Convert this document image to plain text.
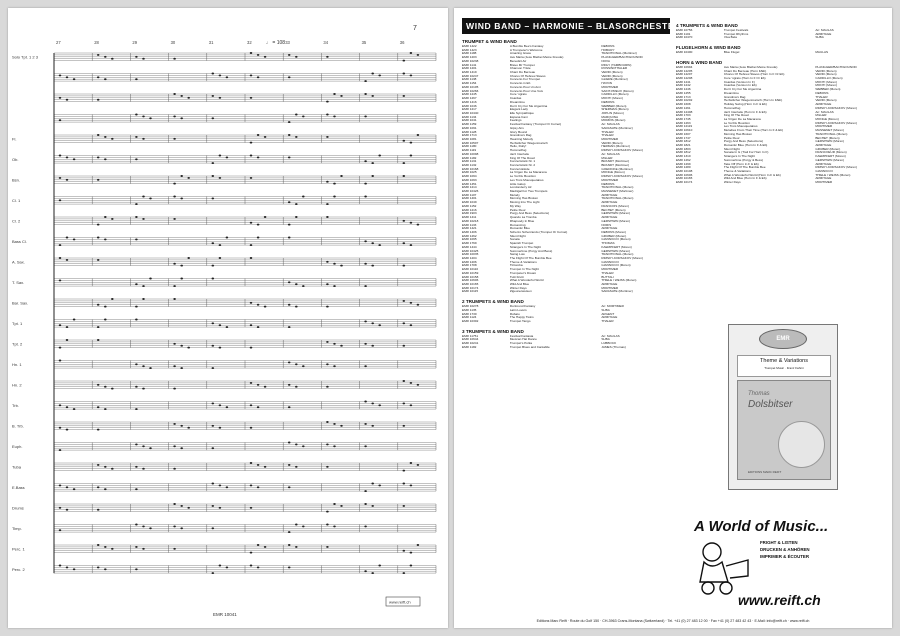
7
♩ = 108
27	28	29	30	31	32	33	34	35	36
Solo Tpt. 1 2 3
Fl.
Ob.
Bsn.
Cl. 1
Cl. 2
Bass Cl.
A. Sax.
T. Sax.
Bar. Sax.
Tpt. 1
Tpt. 2
Hn. 1
Hn. 2
Trb.
B. Trb.
Euph.
Tuba
E.Bass
Drums
Timp.
Perc. 1
Perc. 2
www.reift.ch
EMR 10041
WIND BAND – HARMONIE – BLASORCHESTER
TRUMPET & WIND BAND
EMR 1422	A Bumble Bee's Fantasy	DEBONS
EMR 1423	A Trumpeter's Welcome	HOBURY
EMR 1188	Amazing Grace	TRADITIONAL (Mortimer)
EMR 1203	Ave Maria (Jesu Bleibet Meine Freude)	PLANGGER/BACH/GOUNOD
EMR 10238	Benedict Air	NOVA
EMR 1141	Bravo Mr Trumpet	RIDLY (TAMBOURIN)
EMR 1201	Chanson Triste	ROSSINI/THALER
EMR 1419	Chant Du Berceau	VERDI (Moren)
EMR 10247	Chorus Of Hebrew Slaves	VERDI (Moren)
EMR 1138	Concerto For Trumpet	GLIERE (Mortimer)
EMR 1154	Concerto in Eb	HAYDN
EMR 10105	Concerto Pour Un Ami	MORTIMER
EMR 10266	Concerto Pour Une Voix	SAINT-PREUX (Moren)
EMR 1245	Core 'ngrato	CARDILLO (Moren)
EMR 1267	Csardas	MONTI (Moren)
EMR 1416	Dreamtime	DEBONS
EMR 1046	Don't Cry For Me Argentina	WEBBER (Moren)
EMR 1217	Elegant Lady	SHERMAN (Moren)
EMR 10440	Elle Sympathique	JOPLIN (Moren)
EMR 1134	Espana Cani	MARQUINA
EMR 1041	Feelings	MORRIS (Moren)
EMR 1159	Festival Fantasy (Trumpet Or Cornet)	Arr. MAULAS
EMR 1091	Gipsy Airs	SARASATE (Mortimer)
EMR 1128	Glory Bound	THALER
EMR 1713	Grandma's Rag	THALER
EMR 1081	Haunting Melody	MORTIMER
EMR 10507	Herbstlicher Wiegenmarsch	VERDI (Moren)
EMR 1180	Hello, Dolly!	HERMAN (Mortimer)
EMR 1119	Hummelflug	RIMSKY-KORSAKOV (Moren)
EMR 10098	Jazz Interlude	Arr. MAULAS
EMR 1182	King Of The Road	MILLER
EMR 1131	Konzertstück Nr. 1	BRANDT (Mortimer)
EMR 1132	Konzertstück Nr. 2	BRANDT (Mortimer)
EMR 10168	Konzert-Etüde	GOEDICKE (Mortimer)
EMR 1025	La Virgen De La Macarena	MONGE (Moren)
EMR 1094	Le Vol Du Bourdon	RIMSKY-KORSAKOV (Moren)
EMR 1093	Les Trois Mousquetaires	MORTIMER
EMR 1451	Little Galop	DEBONS
EMR 1214	Londonderry Air	TRADITIONAL (Moren)
EMR 10426	Madrigal For Two Trumpets	MASSENET (Mortimer)
EMR 1107	Melody	ARMITAGE
EMR 1401	Morning Has Broken	TRADITIONAL (Moren)
EMR 1049	Moving Into The Light	ARMITAGE
EMR 1152	My Way	FRANCOIS (Moren)
EMR 1216	Petite Fleur	BECHET (Moren)
EMR 1903	Porgy And Bess (Selections)	GERSHWIN (Moren)
EMR 1411	Quando La Tromba	ARMITAGE
EMR 10218	Rhapsody In Blue	GERSHWIN (Moren)
EMR 1133	Romancing	NORIS
EMR 1421	Romantic Blue	ARMITAGE
EMR 1406	Scherzo Scherzando (Trumpet Or Cornet)	DEBONS (Moren)
EMR 1262	Silent Night	GRUBER (Moren)
EMR 1095	Sonata	GIANNICCO (Moren)
EMR 1769	Spanish Trumpet	THOMAS
EMR 1444	Strangers In The Night	KAEMPFERT (Moren)
EMR 10425	Summertime (Porgy And Bess)	GERSHWIN (Moren)
EMR 10035	Swing Low	TRADITIONAL (Moren)
EMR 1204	The Flight Of The Bumble Bee	RIMSKY-KORSAKOV (Moren)
EMR 1206	Theme & Variations	GIANNICCO
EMR 1708	Tiritomba	GIANNICCO (Moren)
EMR 10110	Trumpet In The Night	MORTIMER
EMR 10159	Trumpeter's Dream	THALER
EMR 10158	Tutti Frutti	BUTTALI
EMR 10606	What A Wonderful World	THIELE / WEISS (Moren)
EMR 10165	Wild And Blue	ARMITAGE
EMR 10174	Winter Days	MORTIMER
EMR 10115	Zigeunerweisen	SARASATE (Mortimer)
2 TRUMPETS & WIND BAND
EMR 10278	Dortmund Fantasy	Arr. MORTIMER
EMR 1135	Latin Lovers	SUBA
EMR 1730	Rubato	ARGENT
EMR 1124	The Happy Twins	ARMITAGE
EMR 10302	Trumpet Tango	THALER
3 TRUMPETS & WIND BAND
EMR 11751	Festival Fantasia	Arr. MAULAS
EMR 10644	Mexican Hat Dance	SUBA
EMR 10241	Trumpet's Polka	LUBBOCK
EMR 1182	Trumpet Blues and Cantabile	JAMES (Thomas)
4 TRUMPETS & WIND BAND
EMR 10756	Trumpet Festivals	Arr. MAULAS
EMR 1101	Trumpet Rhythms	ARMITAGE
EMR 10470	Viva Bela	SUBA
FLUGELHORN & WIND BAND
EMR 10400	Blue Flugel	MAULAS
HORN & WIND BAND
EMR 10994	Ave Maria (Jesu Bleibet Meine Freude)	PLANGGER/BACH/GOUNOD
EMR 12205	Chant Du Berceau (Horn F/Eb)	VERDI (Moren)
EMR 12207	Chorus Of Hebrew Slaves (Horn In F Or Eb)	VERDI (Moren)
EMR 12208	Core 'ngrato (Horn In F Or Eb)	CARDILLO (Moren)
EMR 1241	Csardas (Version In F)	MONTI (Moren)
EMR 1242	Csardas (Version In Eb)	MONTI (Moren)
EMR 1246	Don't Cry For Me Argentina	WEBBER (Moren)
EMR 1255	Dreamtime	DEBONS
EMR 1713	Grandma's Rag	THALER
EMR 10202	Herbstlicher Wiegenmarsch (Horn In F/Eb)	VERDI (Moren)
EMR 1608	Holiday Swing (Horn In F & Eb)	ARMITAGE
EMR 1261	Hummelflug	RIMSKY-KORSAKOV (Moren)
EMR 12408	Jazz Interlude (Horn In F & Eb)	Arr. MAULAS
EMR 1703	King Of The Road	MILLER
EMR 1745	La Virgen De La Macarena	MONGE (Moren)
EMR 1263	Le Vol Du Bourdon	RIMSKY-KORSAKOV (Moren)
EMR 12119	Les Trois Mousquetaires	MORTIMER
EMR 10610	Melodies From Their Time (Horn In F & Eb)	MASSENET (Moren)
EMR 1607	Morning Has Broken	TRADITIONAL (Moren)
EMR 1747	Petite Fleur	BECHET (Moren)
EMR 1812	Porgy And Bess (Selections)	GERSHWIN (Moren)
EMR 1821	Romantic Blue (Horn In F & Eb)	ARMITAGE
EMR 1803	Silent Night	GRUBER (Moren)
EMR 1812	Sonata In G (Trail For Horn In F)	FRANCOEUR (Moren)
EMR 1310	Strangers In The Night	KAEMPFERT (Moren)
EMR 1262	Summertime (Porgy & Bess)	GERSHWIN (Moren)
EMR 1299	Take Off (Horn In F & Eb)	ARMITAGE
EMR 1280	The Flight Of The Bumble Bee	RIMSKY-KORSAKOV (Moren)
EMR 10108	Theme & Variations	GIANNICCO
EMR 10606	What A Wonderful World (Horn In F & Eb)	THIELE / WEISS (Moren)
EMR 10165	Wild And Blue (Horn In F & Eb)	ARMITAGE
EMR 10174	Winter Days	MORTIMER
EMR
Theme & Variations
Trumpet Music · Franz Fahrni
Thomas
Dolsbitser
EDITIONS MARC REIFT
A World of Music...
FRIGHT & LISTEN
DRUCKEN & ANHÖREN
IMPRIMER & ÉCOUTER
www.reift.ch
Editions Marc Reift · Route du Golf 150 · CH-3963 Crans-Montana (Switzerland) · Tel. +41 (0) 27 483 12 00 · Fax +41 (0) 27 483 42 43 · E-Mail: info@reift.ch · www.reift.ch
